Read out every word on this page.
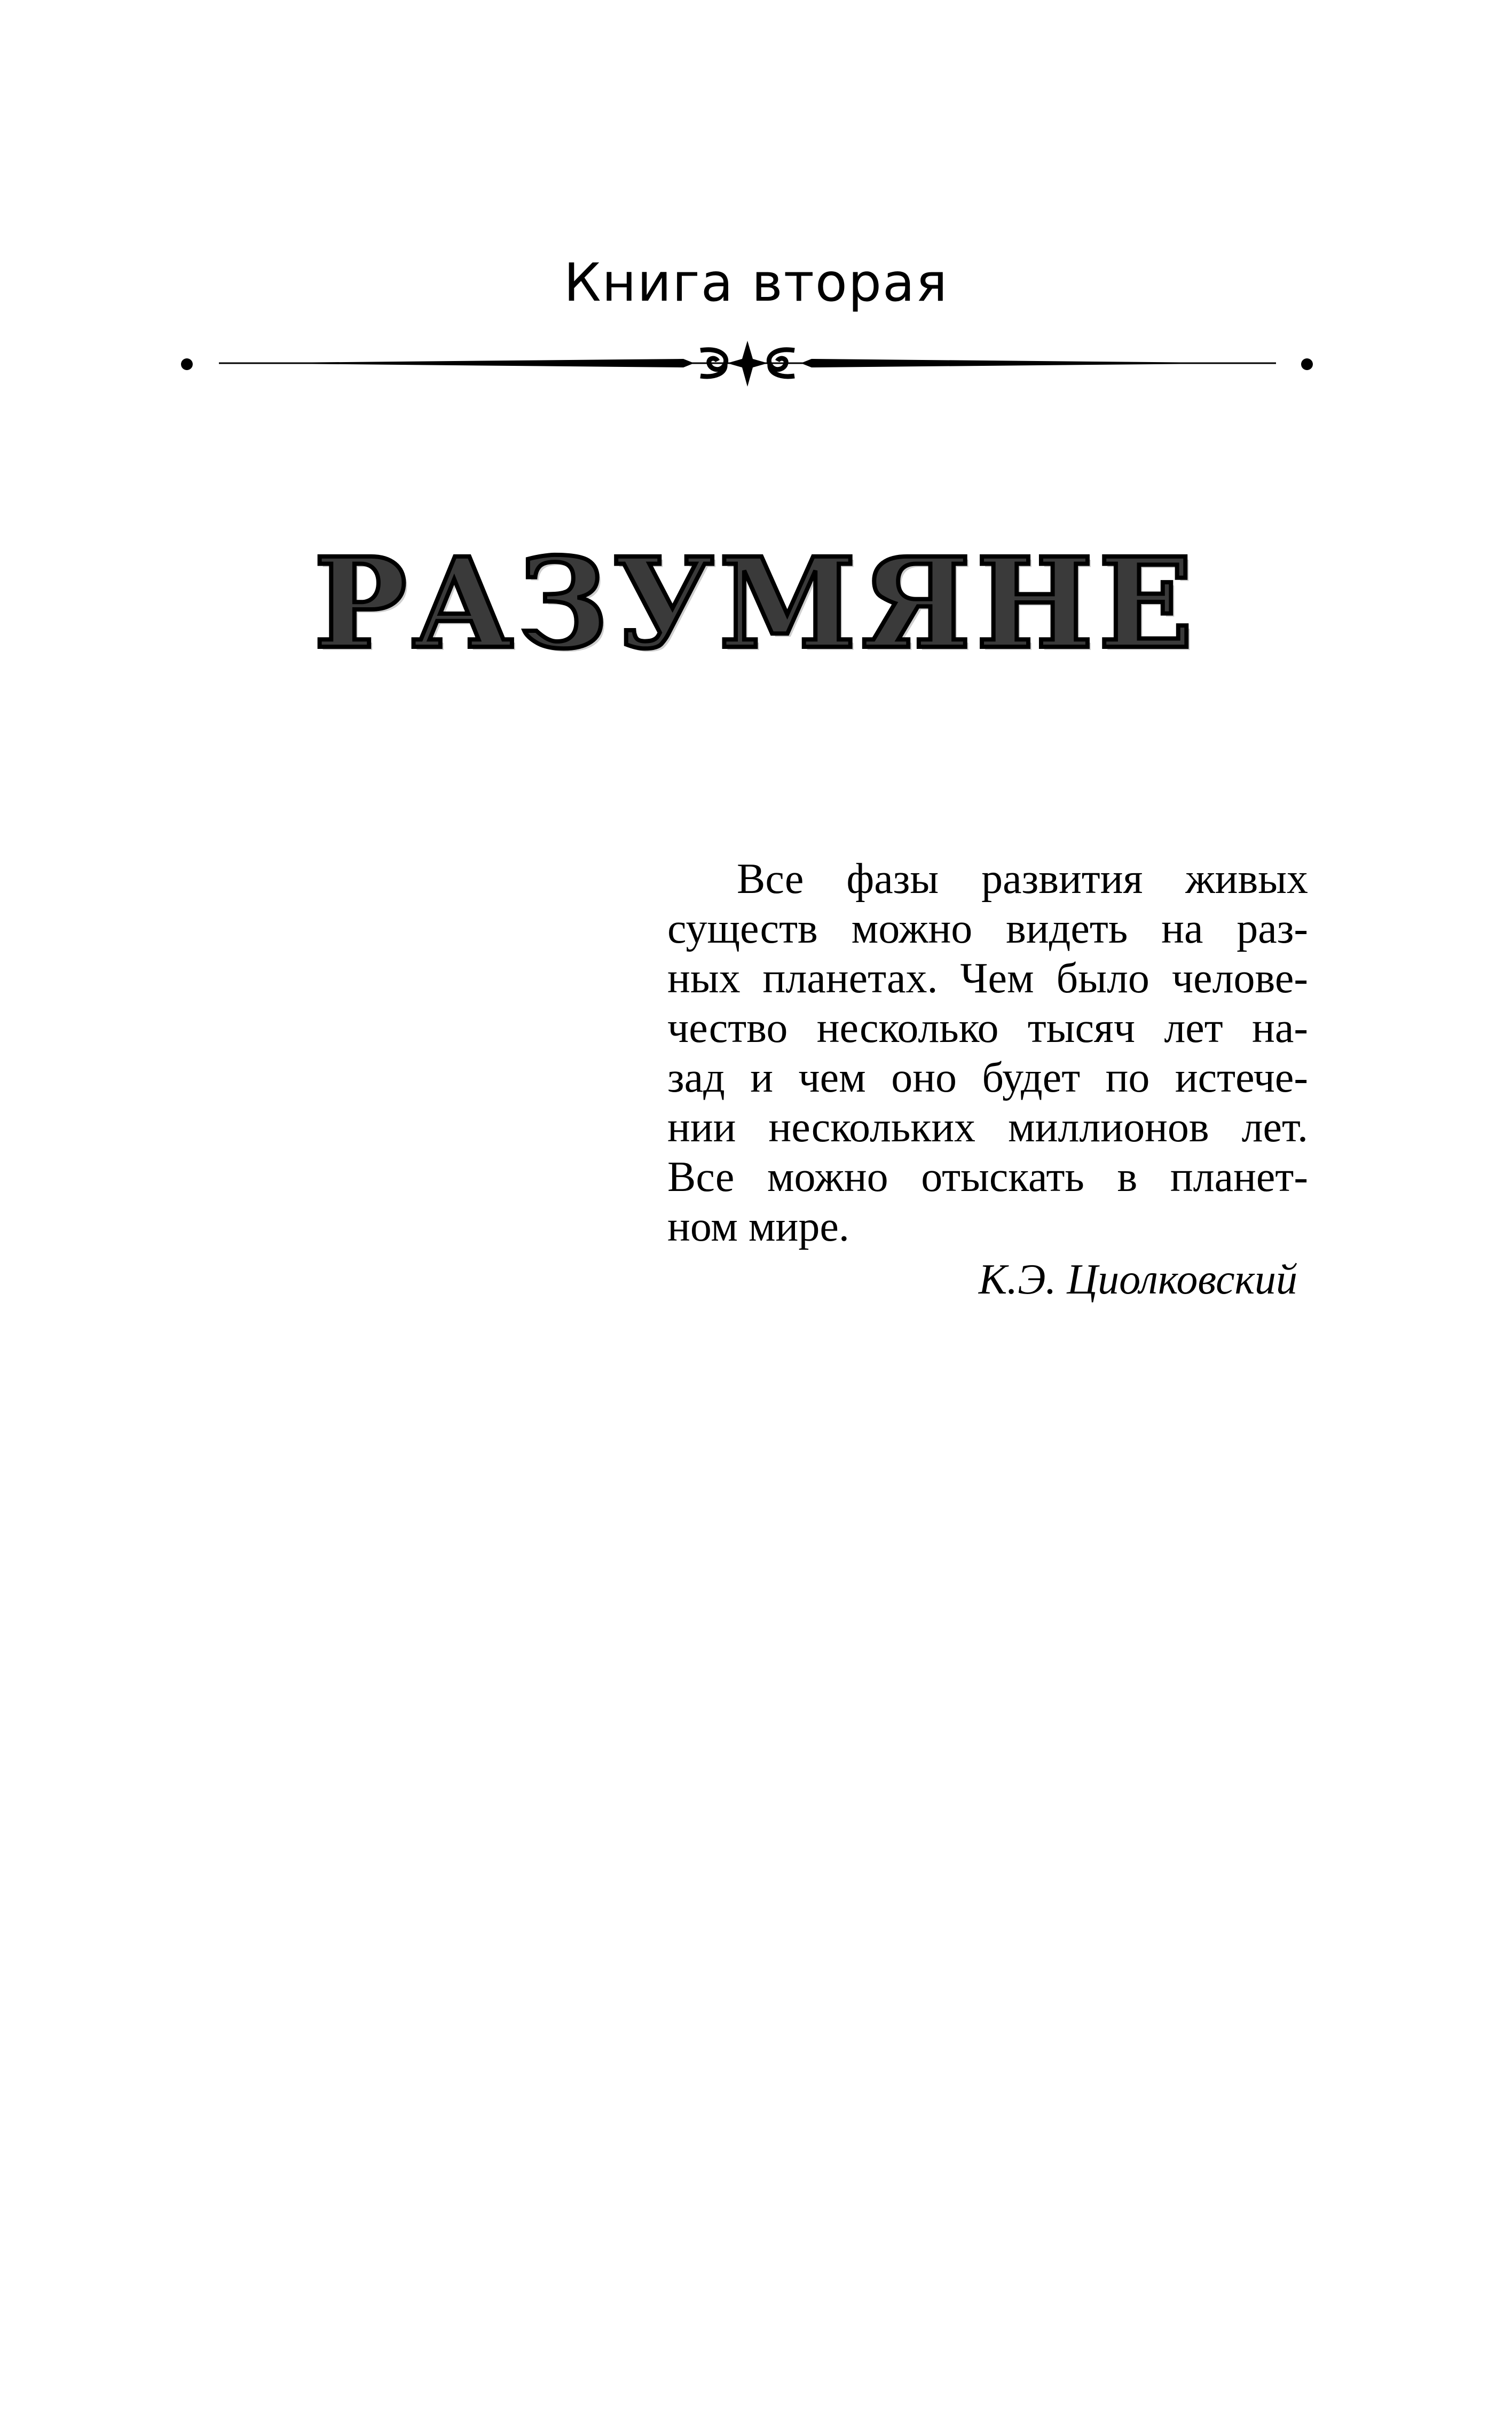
Книга вторая
РАЗУМЯНЕ
Все фазы развития живых
существ можно видеть на раз-
ных планетах. Чем было челове-
чество несколько тысяч лет на-
зад и чем оно будет по истече-
нии нескольких миллионов лет.
Все можно отыскать в планет-
ном мире.
К.Э. Циолковский
